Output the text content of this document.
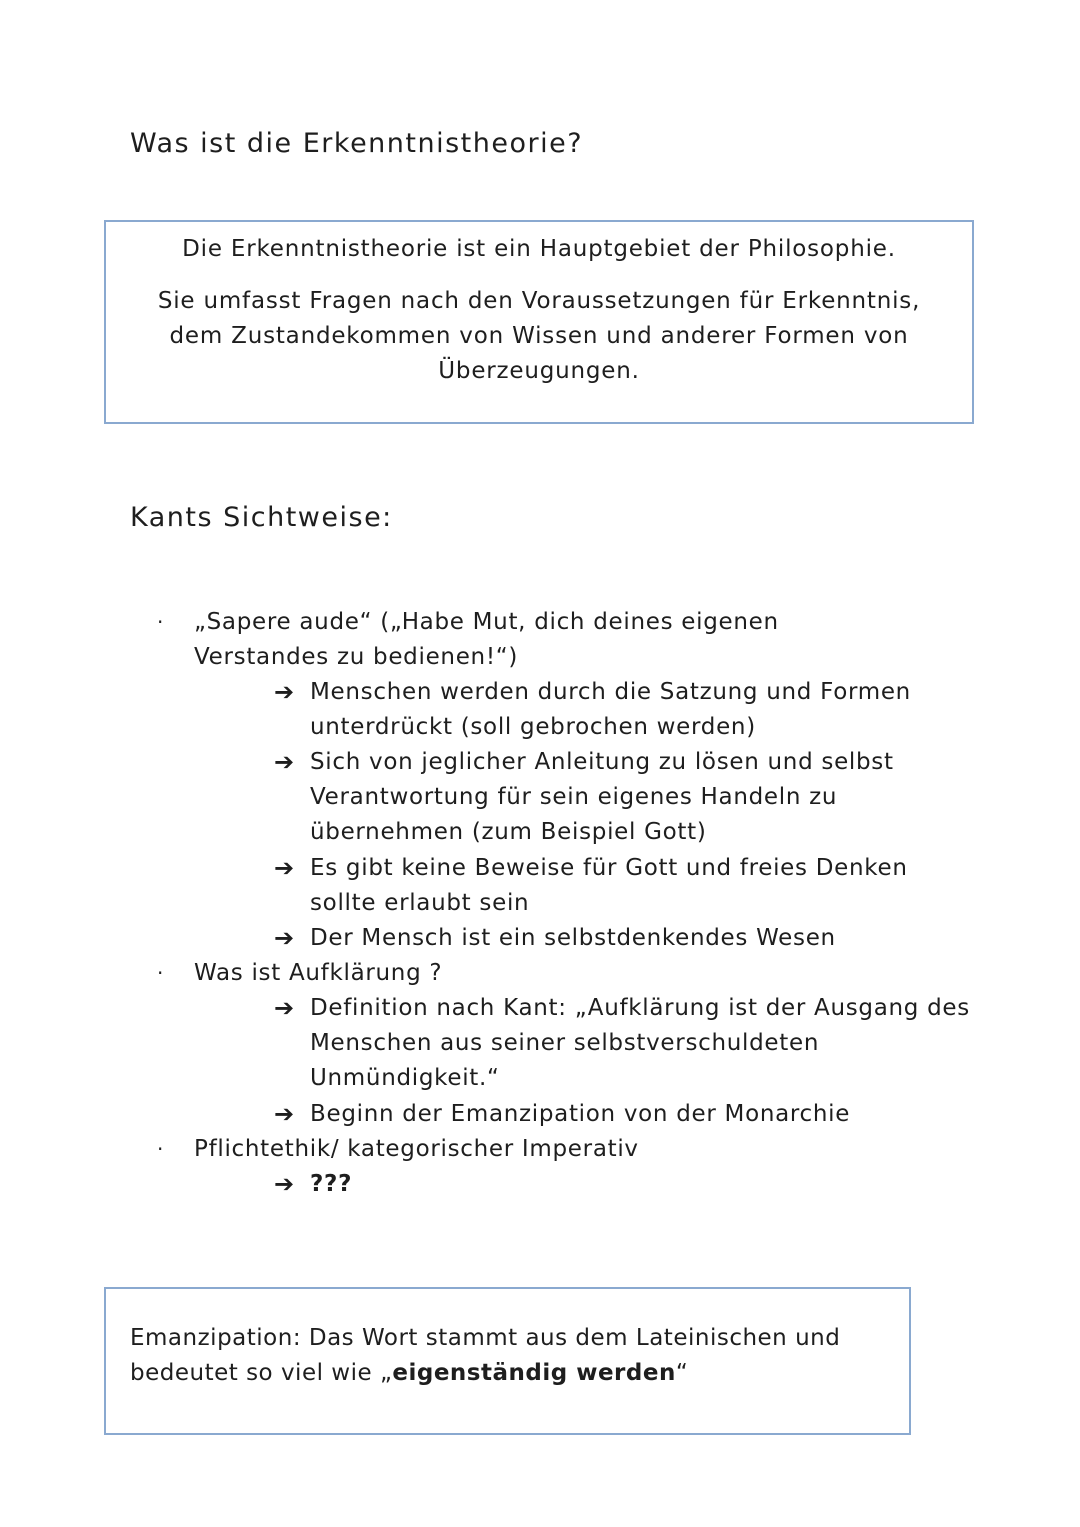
Was ist die Erkenntnistheorie?
Die Erkenntnistheorie ist ein Hauptgebiet der Philosophie.

Sie umfasst Fragen nach den Voraussetzungen für Erkenntnis, dem Zustandekommen von Wissen und anderer Formen von Überzeugungen.

Kants Sichtweise:
· „Sapere aude“ („Habe Mut, dich deines eigenen Verstandes zu bedienen!“)
➔ Menschen werden durch die Satzung und Formen unterdrückt (soll gebrochen werden)
➔ Sich von jeglicher Anleitung zu lösen und selbst Verantwortung für sein eigenes Handeln zu übernehmen (zum Beispiel Gott)
➔ Es gibt keine Beweise für Gott und freies Denken sollte erlaubt sein
➔ Der Mensch ist ein selbstdenkendes Wesen
· Was ist Aufklärung ?
➔ Definition nach Kant: „Aufklärung ist der Ausgang des Menschen aus seiner selbstverschuldeten Unmündigkeit.“
➔ Beginn der Emanzipation von der Monarchie
· Pflichtethik/ kategorischer Imperativ
➔ ???

Emanzipation: Das Wort stammt aus dem Lateinischen und bedeutet so viel wie „eigenständig werden“
